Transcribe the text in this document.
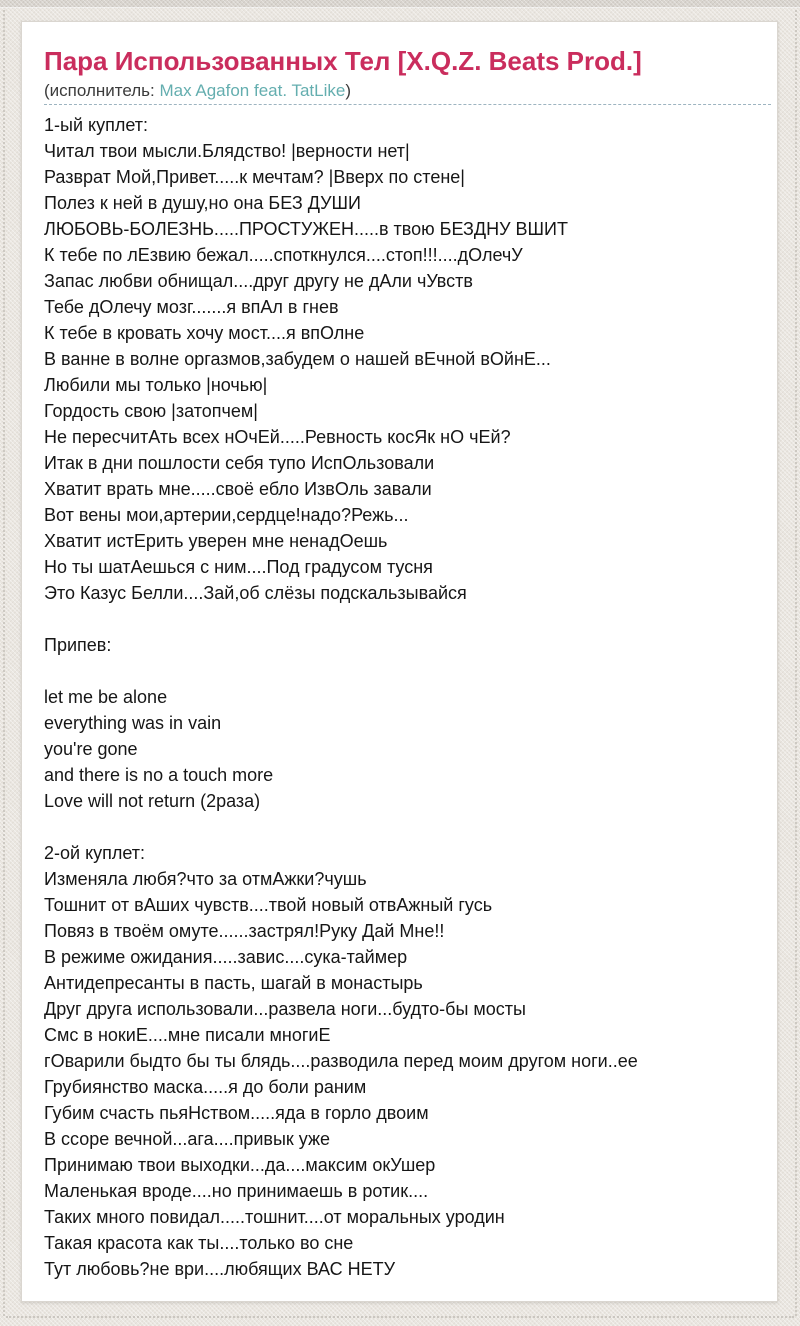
Пара Использованных Тел [X.Q.Z. Beats Prod.]
(исполнитель: Max Agafon feat. TatLike)
1-ый куплет:
Читал твои мысли.Блядство! |верности нет|
Разврат Мой,Привет.....к мечтам? |Вверх по стене|
Полез к ней в душу,но она БЕЗ ДУШИ
ЛЮБОВЬ-БОЛЕЗНЬ.....ПРОСТУЖЕН.....в твою БЕЗДНУ ВШИТ
К тебе по лЕзвию бежал.....споткнулся....стоп!!!....дОлечУ
Запас любви обнищал....друг другу не дАли чУвств
Тебе дОлечу мозг.......я впАл в гнев
К тебе в кровать хочу мост....я впОлне
В ванне в волне оргазмов,забудем о нашей вЕчной вОйнЕ...
Любили мы только |ночью|
Гордость свою |затопчем|
Не пересчитАть всех нОчЕй.....Ревность косЯк нО чЕй?
Итак в дни пошлости себя тупо ИспОльзовали
Хватит врать мне.....своё ебло ИзвОль завали
Вот вены мои,артерии,сердце!надо?Режь...
Хватит истЕрить уверен мне ненадОешь
Но ты шатАешься с ним....Под градусом тусня
Это Казус Белли....Зай,об слёзы подскальзывайся

Припев:

let me be alone
everything was in vain
you're gone
and there is no a touch more
Love will not return (2раза)

2-ой куплет:
Изменяла любя?что за отмАжки?чушь
Тошнит от вАших чувств....твой новый отвАжный гусь
Повяз в твоём омуте......застрял!Руку Дай Мне!!
В режиме ожидания.....завис....сука-таймер
Антидепресанты в пасть, шагай в монастырь
Друг друга использовали...развела ноги...будто-бы мосты
Смс в нокиЕ....мне писали многиЕ
гОварили быдто бы ты блядь....разводила перед моим другом ноги..ее
Грубиянство маска.....я до боли раним
Губим счасть пьяНством.....яда в горло двоим
В ссоре вечной...ага....привык уже
Принимаю твои выходки...да....максим окУшер
Маленькая вроде....но принимаешь в ротик....
Таких много повидал.....тошнит....от моральных уродин
Такая красота как ты....только во сне
Тут любовь?не ври....любящих ВАС НЕТУ
